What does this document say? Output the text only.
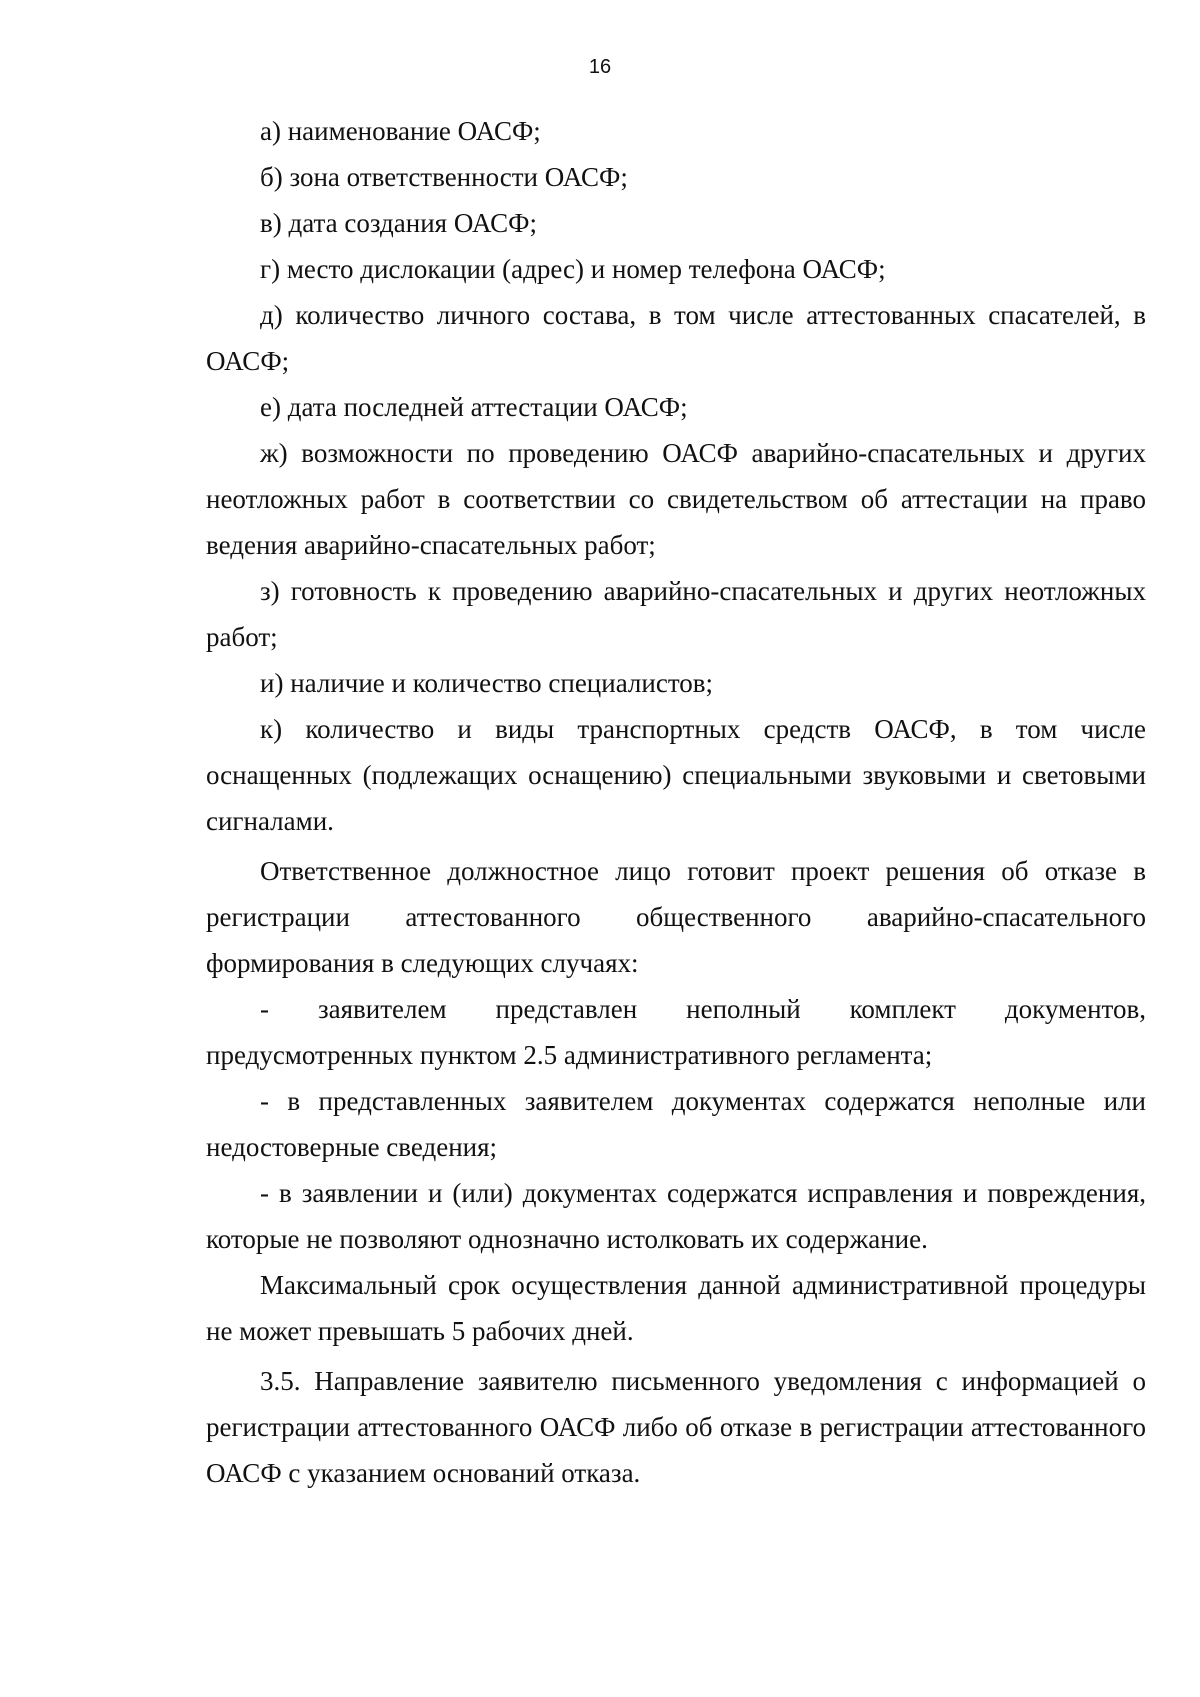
16

а) наименование ОАСФ;

б) зона ответственности ОАСФ;

в) дата создания ОАСФ;

г) место дислокации (адрес) и номер телефона ОАСФ;

д) количество личного состава, в том числе аттестованных спасателей, в ОАСФ;

е) дата последней аттестации ОАСФ;

ж) возможности по проведению ОАСФ аварийно-спасательных и других неотложных работ в соответствии со свидетельством об аттестации на право ведения аварийно-спасательных работ;

з) готовность к проведению аварийно-спасательных и других неотложных работ;

и) наличие и количество специалистов;

к) количество и виды транспортных средств ОАСФ, в том числе оснащенных (подлежащих оснащению) специальными звуковыми и световыми сигналами.

Ответственное должностное лицо готовит проект решения об отказе в регистрации аттестованного общественного аварийно-спасательного формирования в следующих случаях:

- заявителем представлен неполный комплект документов, предусмотренных пунктом 2.5 административного регламента;

- в представленных заявителем документах содержатся неполные или недостоверные сведения;

- в заявлении и (или) документах содержатся исправления и повреждения, которые не позволяют однозначно истолковать их содержание.

Максимальный срок осуществления данной административной процедуры не может превышать 5 рабочих дней.

3.5. Направление заявителю письменного уведомления с информацией о регистрации аттестованного ОАСФ либо об отказе в регистрации аттестованного ОАСФ с указанием оснований отказа.
